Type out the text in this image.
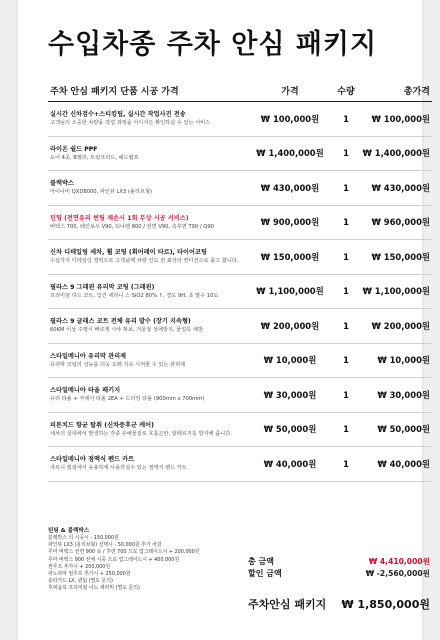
수입차종 주차 안심 패키지
주차 안심 패키지 단품 시공 가격	가격	수량	총가격
실시간 신차검수+스티킹팁, 실시간 작업사진 전송
고객님의 소중한 차량을 작업 과정을 어디서든 확인하실 수 있는 서비스	₩ 100,000원	1	₩ 100,000원
라이온 쉴드 PPF
도어 4곳, B필러, 트렁크리드, 헤드램프	₩ 1,400,000원	1	₩ 1,400,000원
블랙박스
아이나비 QXD8000, 파인뷰 LX3 (올리브형)	₩ 430,000원	1	₩ 430,000원
틴팅 (전면유리 썬팅 재손시 1회 무상 시공 서비스)
버텍스 700, 레인보우 V90, 티나렌 800 / 전면 V90, 측후면 T90 / Q90	₩ 900,000원	1	₩ 960,000원
신차 디테일링 세차, 휠 코팅 (휘어레이 타르), 타이어코팅
수십가지 디테일링 경력으로 고객님께 차량 인도 전 최상의 컨디션으로 출고 합니다.	₩ 150,000원	1	₩ 150,000원
필라스 9 그래핀 유리막 코팅 (그래핀)
프리미엄 하드 코트, 입건 세라니 스 SiO2 80% ↑, 경도 9H, 초 발수 10도	₩ 1,100,000원	1	₩ 1,100,000원
필라스 9 글래스 코트 전체 유리 발수 (장기 지속형)
60KM 이상 주행시 빠르게 시야 확보, 겨울철 성에방지, 물얼룩 예방	₩ 200,000원	1	₩ 200,000원
스타일메니아 유리막 관리제
유리막 코팅의 성능을 더욱 오래 지속 시켜줄 수 있는 관리제	₩ 10,000원	1	₩ 10,000원
스타일메니아 타올 패키지
유리 타올 + 극세사 타올 2EA + 드라잉 타올 (900mm x 700mm)	₩ 30,000원	1	₩ 30,000원
피톤치드 항균 탈취 (신차증후군 케어)
새차의 실내에서 발생하는 각종 유해물질로 호흡곤란, 알레르기를 방지해 줍니다.	₩ 50,000원	1	₩ 50,000원
스타일메니아 점액식 펜드 카트
자르니 캠핑에서 유용하게 사용하실수 있는 점액식 펜드 카트	₩ 40,000원	1	₩ 40,000원
틴팅 & 블랙박스
블랙박스 의 시공시 - 150,000원
파인뷰 LX3 (올리브형) 선택시 - 50,000원 추가 차감
루마 버텍스 전면 900 속 / 후면 700 으로 업그레이드시 + 200,000원
루마 버텍스 900 전체 시공 으로 업그레이드시 + 400,000원
썬루프 추가시 + 200,000원
파노라마 썬루프 추가시 + 250,000원
솔라가드 LX, 퀀텀 (별도 문의)
후퍼옵틱 프리미엄 나노 세라믹 (별도 문의)
총 금액	₩ 4,410,000원
할인 금액	₩ -2,560,000원
주차안심 패키지 ₩ 1,850,000원
